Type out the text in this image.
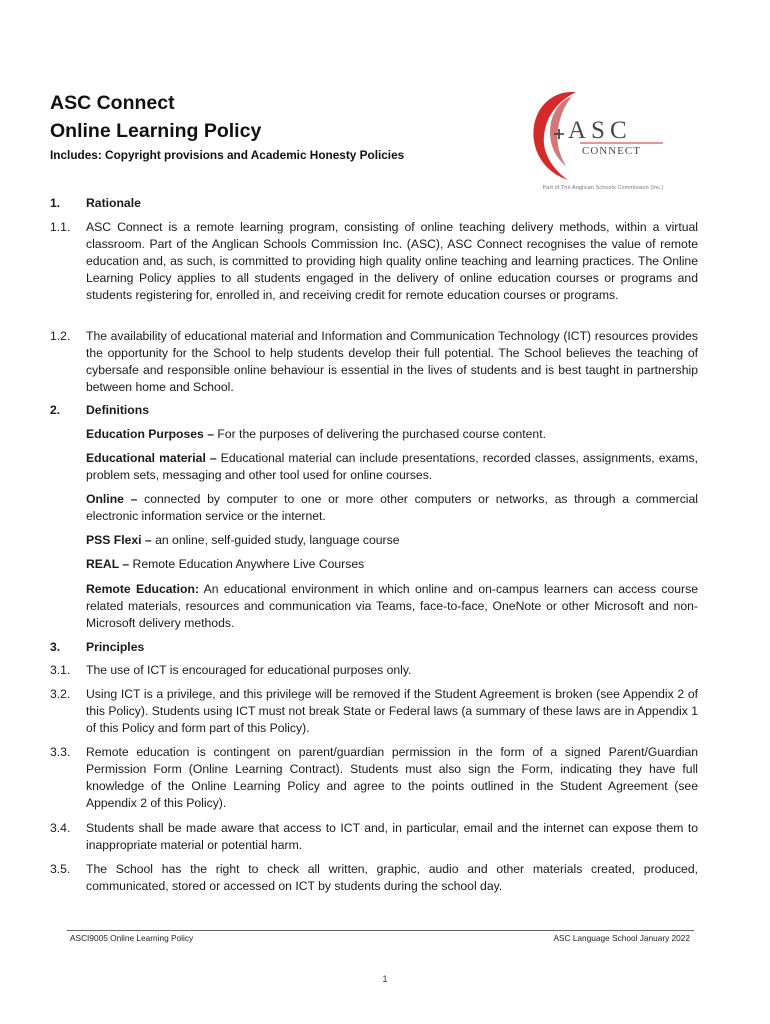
ASC Connect
Online Learning Policy
Includes: Copyright provisions and Academic Honesty Policies
ASC
CONNECT
Part of The Anglican Schools Commission (Inc.)
1.	Rationale
1.1.	ASC Connect is a remote learning program, consisting of online teaching delivery methods, within a virtual classroom. Part of the Anglican Schools Commission Inc. (ASC), ASC Connect recognises the value of remote education and, as such, is committed to providing high quality online teaching and learning practices. The Online Learning Policy applies to all students engaged in the delivery of online education courses or programs and students registering for, enrolled in, and receiving credit for remote education courses or programs.
1.2.	The availability of educational material and Information and Communication Technology (ICT) resources provides the opportunity for the School to help students develop their full potential. The School believes the teaching of cybersafe and responsible online behaviour is essential in the lives of students and is best taught in partnership between home and School.
2.	Definitions
Education Purposes – For the purposes of delivering the purchased course content.
Educational material – Educational material can include presentations, recorded classes, assignments, exams, problem sets, messaging and other tool used for online courses.
Online – connected by computer to one or more other computers or networks, as through a commercial electronic information service or the internet.
PSS Flexi – an online, self-guided study, language course
REAL – Remote Education Anywhere Live Courses
Remote Education: An educational environment in which online and on-campus learners can access course related materials, resources and communication via Teams, face-to-face, OneNote or other Microsoft and non-Microsoft delivery methods.
3.	Principles
3.1.	The use of ICT is encouraged for educational purposes only.
3.2.	Using ICT is a privilege, and this privilege will be removed if the Student Agreement is broken (see Appendix 2 of this Policy). Students using ICT must not break State or Federal laws (a summary of these laws are in Appendix 1 of this Policy and form part of this Policy).
3.3.	Remote education is contingent on parent/guardian permission in the form of a signed Parent/Guardian Permission Form (Online Learning Contract). Students must also sign the Form, indicating they have full knowledge of the Online Learning Policy and agree to the points outlined in the Student Agreement (see Appendix 2 of this Policy).
3.4.	Students shall be made aware that access to ICT and, in particular, email and the internet can expose them to inappropriate material or potential harm.
3.5.	The School has the right to check all written, graphic, audio and other materials created, produced, communicated, stored or accessed on ICT by students during the school day.
ASCI9005 Online Learning Policy	ASC Language School January 2022
1
